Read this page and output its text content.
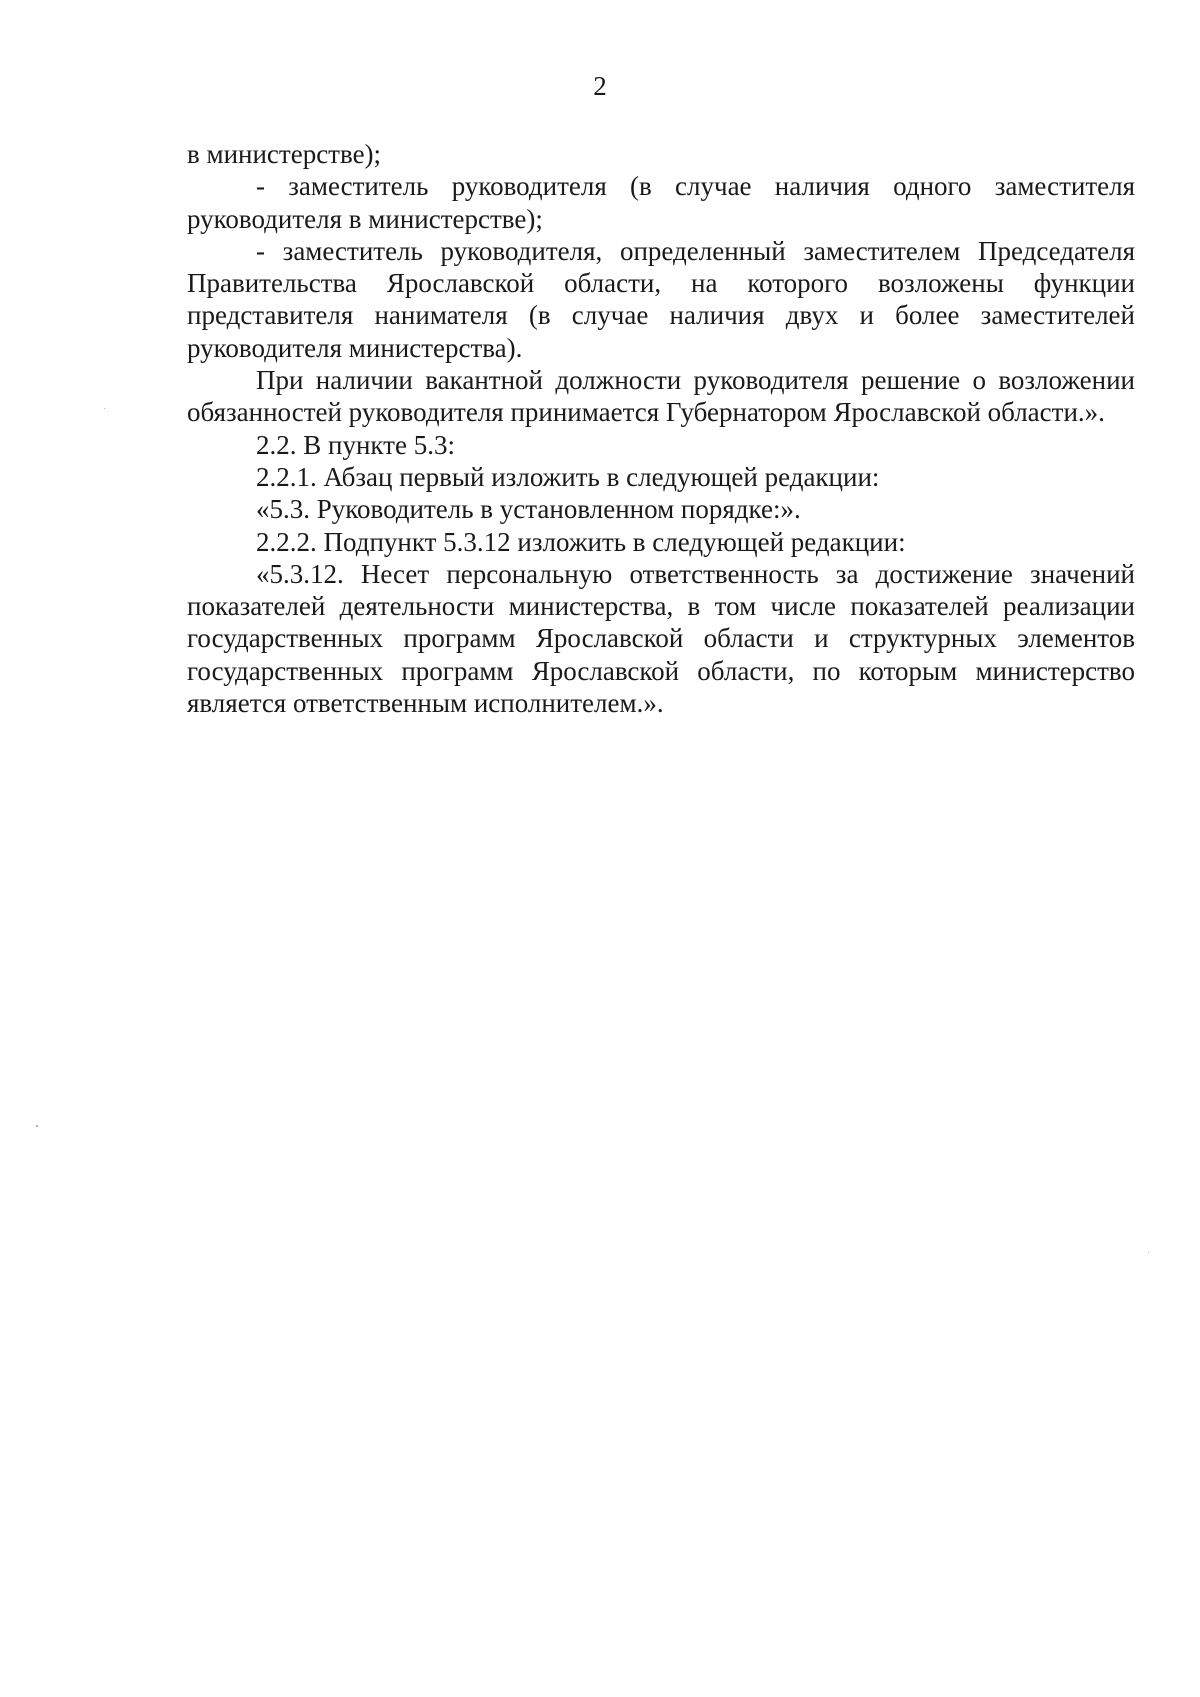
2

в министерстве);

- заместитель руководителя (в случае наличия одного заместителя руководителя в министерстве);

- заместитель руководителя, определенный заместителем Председателя Правительства Ярославской области, на которого возложены функции представителя нанимателя (в случае наличия двух и более заместителей руководителя министерства).

При наличии вакантной должности руководителя решение о возложении обязанностей руководителя принимается Губернатором Ярославской области.».

2.2. В пункте 5.3:

2.2.1. Абзац первый изложить в следующей редакции:

«5.3. Руководитель в установленном порядке:».

2.2.2. Подпункт 5.3.12 изложить в следующей редакции:

«5.3.12. Несет персональную ответственность за достижение значений показателей деятельности министерства, в том числе показателей реализации государственных программ Ярославской области и структурных элементов государственных программ Ярославской области, по которым министерство является ответственным исполнителем.».
